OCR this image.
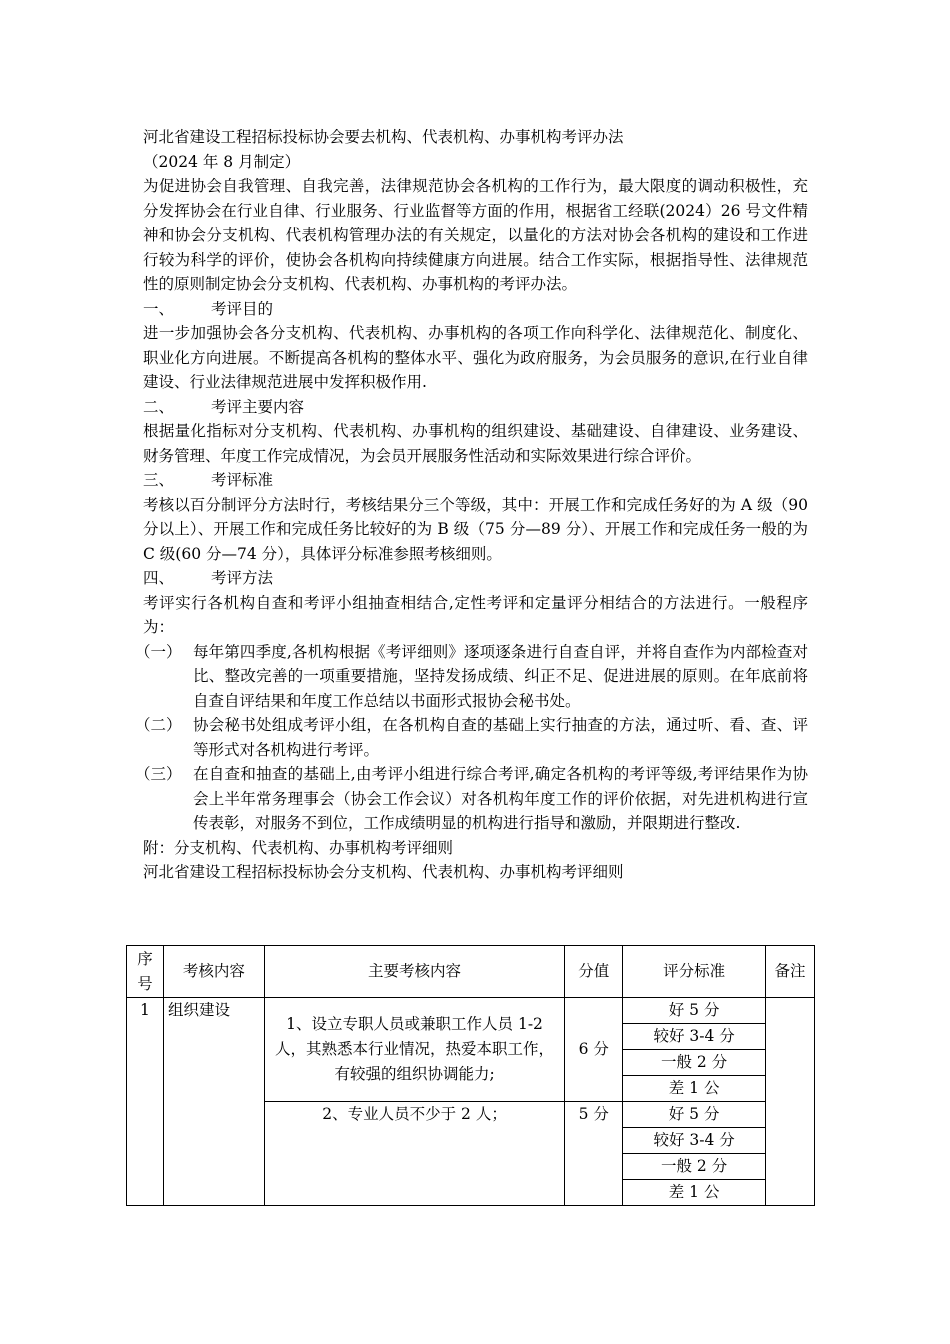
河北省建设工程招标投标协会要去机构、代表机构、办事机构考评办法

（2024 年 8 月制定）

为促进协会自我管理、自我完善，法律规范协会各机构的工作行为，最大限度的调动积极性，充分发挥协会在行业自律、行业服务、行业监督等方面的作用，根据省工经联(2024）26 号文件精神和协会分支机构、代表机构管理办法的有关规定，以量化的方法对协会各机构的建设和工作进行较为科学的评价，使协会各机构向持续健康方向进展。结合工作实际，根据指导性、法律规范性的原则制定协会分支机构、代表机构、办事机构的考评办法。

一、	考评目的

进一步加强协会各分支机构、代表机构、办事机构的各项工作向科学化、法律规范化、制度化、职业化方向进展。不断提高各机构的整体水平、强化为政府服务，为会员服务的意识,在行业自律建设、行业法律规范进展中发挥积极作用.

二、	考评主要内容

根据量化指标对分支机构、代表机构、办事机构的组织建设、基础建设、自律建设、业务建设、财务管理、年度工作完成情况，为会员开展服务性活动和实际效果进行综合评价。

三、	考评标准

考核以百分制评分方法时行，考核结果分三个等级，其中：开展工作和完成任务好的为 A 级（90 分以上）、开展工作和完成任务比较好的为 B 级（75 分—89 分）、开展工作和完成任务一般的为 C 级(60 分—74 分），具体评分标准参照考核细则。

四、	考评方法

考评实行各机构自查和考评小组抽查相结合,定性考评和定量评分相结合的方法进行。一般程序为：

（一） 每年第四季度,各机构根据《考评细则》逐项逐条进行自查自评，并将自查作为内部检查对比、整改完善的一项重要措施，坚持发扬成绩、纠正不足、促进进展的原则。在年底前将自查自评结果和年度工作总结以书面形式报协会秘书处。
（二） 协会秘书处组成考评小组，在各机构自查的基础上实行抽查的方法，通过听、看、查、评等形式对各机构进行考评。
（三） 在自查和抽查的基础上,由考评小组进行综合考评,确定各机构的考评等级,考评结果作为协会上半年常务理事会（协会工作会议）对各机构年度工作的评价依据，对先进机构进行宣传表彰，对服务不到位，工作成绩明显的机构进行指导和激励，并限期进行整改.

附：分支机构、代表机构、办事机构考评细则

河北省建设工程招标投标协会分支机构、代表机构、办事机构考评细则

序号	考核内容	主要考核内容	分值	评分标准	备注
1	组织建设	1、设立专职人员或兼职工作人员 1-2 人，其熟悉本行业情况，热爱本职工作，有较强的组织协调能力;	6 分	好 5 分	
				较好 3-4 分	
				一般 2 分	
				差 1 公	
		2、专业人员不少于 2 人；	5 分	好 5 分	
				较好 3-4 分	
				一般 2 分	
				差 1 公	
